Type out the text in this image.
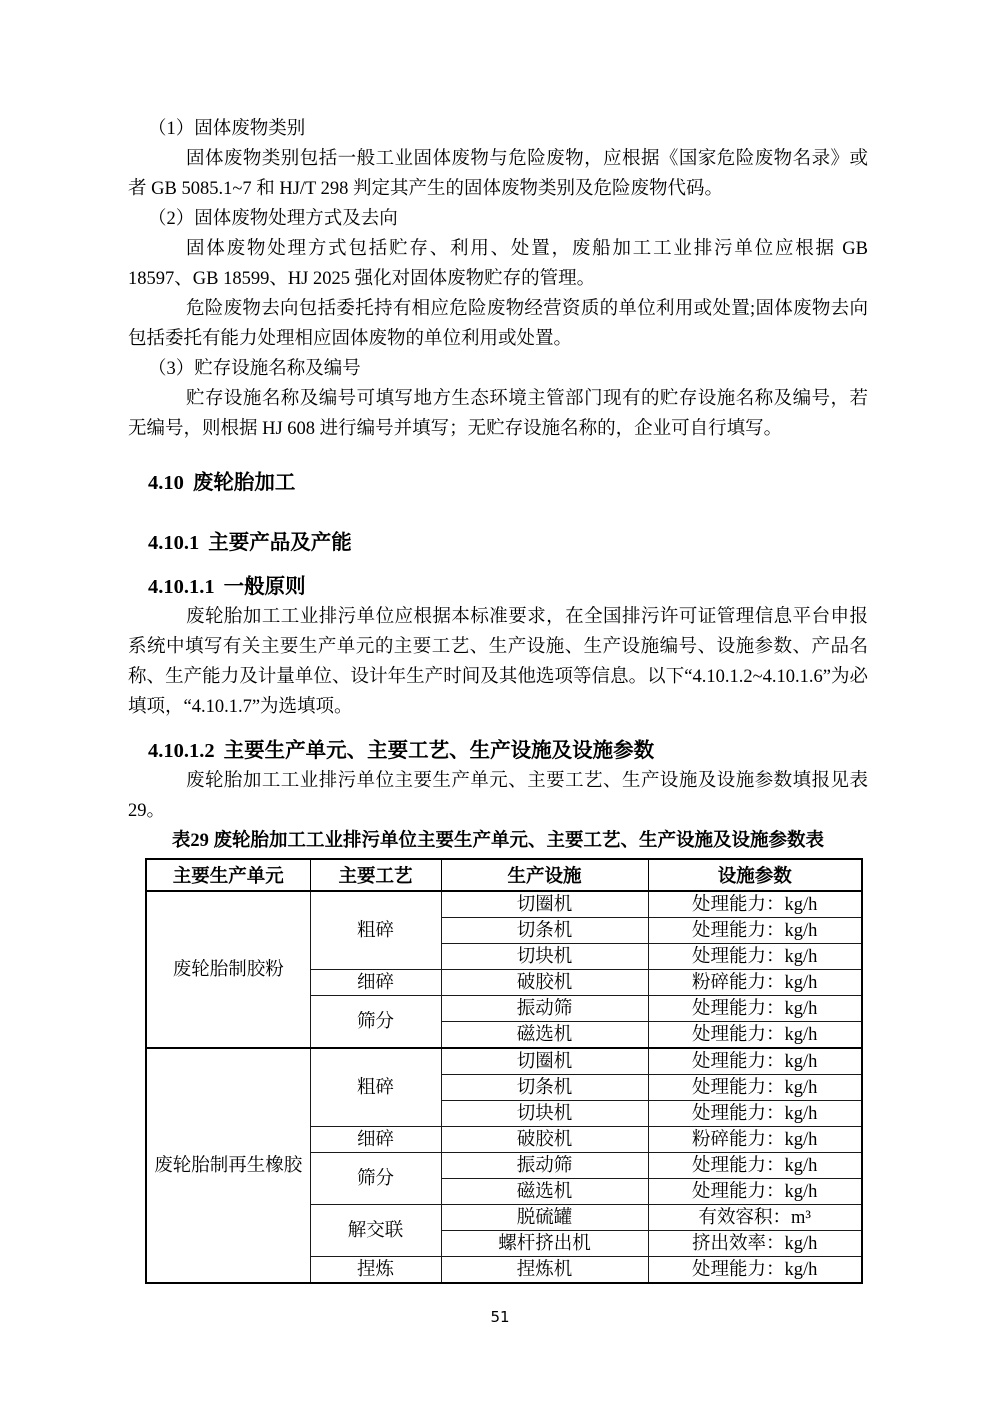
（1）固体废物类别

固体废物类别包括一般工业固体废物与危险废物，应根据《国家危险废物名录》或者 GB 5085.1~7 和 HJ/T 298 判定其产生的固体废物类别及危险废物代码。

（2）固体废物处理方式及去向

固体废物处理方式包括贮存、利用、处置，废船加工工业排污单位应根据 GB 18597、GB 18599、HJ 2025 强化对固体废物贮存的管理。

危险废物去向包括委托持有相应危险废物经营资质的单位利用或处置;固体废物去向包括委托有能力处理相应固体废物的单位利用或处置。

（3）贮存设施名称及编号

贮存设施名称及编号可填写地方生态环境主管部门现有的贮存设施名称及编号，若无编号，则根据 HJ 608 进行编号并填写；无贮存设施名称的，企业可自行填写。

4.10 废轮胎加工
4.10.1 主要产品及产能
4.10.1.1 一般原则

废轮胎加工工业排污单位应根据本标准要求，在全国排污许可证管理信息平台申报系统中填写有关主要生产单元的主要工艺、生产设施、生产设施编号、设施参数、产品名称、生产能力及计量单位、设计年生产时间及其他选项等信息。以下“4.10.1.2~4.10.1.6”为必填项，“4.10.1.7”为选填项。

4.10.1.2 主要生产单元、主要工艺、生产设施及设施参数

废轮胎加工工业排污单位主要生产单元、主要工艺、生产设施及设施参数填报见表29。

表29 废轮胎加工工业排污单位主要生产单元、主要工艺、生产设施及设施参数表

主要生产单元	主要工艺	生产设施	设施参数
废轮胎制胶粉	粗碎	切圈机	处理能力：kg/h
		切条机	处理能力：kg/h
		切块机	处理能力：kg/h
	细碎	破胶机	粉碎能力：kg/h
	筛分	振动筛	处理能力：kg/h
		磁选机	处理能力：kg/h
废轮胎制再生橡胶	粗碎	切圈机	处理能力：kg/h
		切条机	处理能力：kg/h
		切块机	处理能力：kg/h
	细碎	破胶机	粉碎能力：kg/h
	筛分	振动筛	处理能力：kg/h
		磁选机	处理能力：kg/h
	解交联	脱硫罐	有效容积：m³
		螺杆挤出机	挤出效率：kg/h
	捏炼	捏炼机	处理能力：kg/h
51
